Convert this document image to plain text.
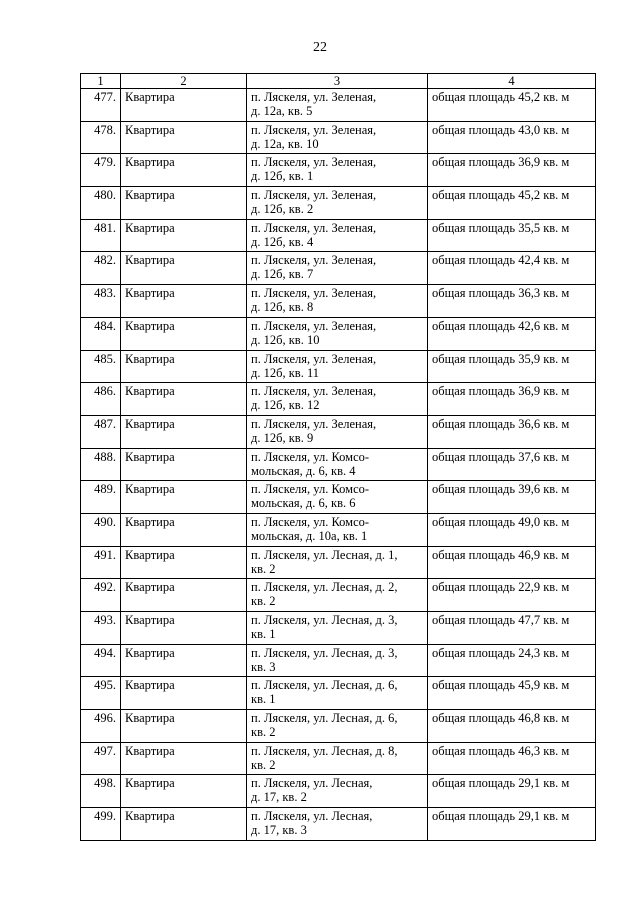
22
1	2	3	4
477.	Квартира	п. Ляскеля, ул. Зеленая,
д. 12а, кв. 5	общая площадь 45,2 кв. м
478.	Квартира	п. Ляскеля, ул. Зеленая,
д. 12а, кв. 10	общая площадь 43,0 кв. м
479.	Квартира	п. Ляскеля, ул. Зеленая,
д. 12б, кв. 1	общая площадь 36,9 кв. м
480.	Квартира	п. Ляскеля, ул. Зеленая,
д. 12б, кв. 2	общая площадь 45,2 кв. м
481.	Квартира	п. Ляскеля, ул. Зеленая,
д. 12б, кв. 4	общая площадь 35,5 кв. м
482.	Квартира	п. Ляскеля, ул. Зеленая,
д. 12б, кв. 7	общая площадь 42,4 кв. м
483.	Квартира	п. Ляскеля, ул. Зеленая,
д. 12б, кв. 8	общая площадь 36,3 кв. м
484.	Квартира	п. Ляскеля, ул. Зеленая,
д. 12б, кв. 10	общая площадь 42,6 кв. м
485.	Квартира	п. Ляскеля, ул. Зеленая,
д. 12б, кв. 11	общая площадь 35,9 кв. м
486.	Квартира	п. Ляскеля, ул. Зеленая,
д. 12б, кв. 12	общая площадь 36,9 кв. м
487.	Квартира	п. Ляскеля, ул. Зеленая,
д. 12б, кв. 9	общая площадь 36,6 кв. м
488.	Квартира	п. Ляскеля, ул. Комсо-
мольская, д. 6, кв. 4	общая площадь 37,6 кв. м
489.	Квартира	п. Ляскеля, ул. Комсо-
мольская, д. 6, кв. 6	общая площадь 39,6 кв. м
490.	Квартира	п. Ляскеля, ул. Комсо-
мольская, д. 10а, кв. 1	общая площадь 49,0 кв. м
491.	Квартира	п. Ляскеля, ул. Лесная, д. 1,
кв. 2	общая площадь 46,9 кв. м
492.	Квартира	п. Ляскеля, ул. Лесная, д. 2,
кв. 2	общая площадь 22,9 кв. м
493.	Квартира	п. Ляскеля, ул. Лесная, д. 3,
кв. 1	общая площадь 47,7 кв. м
494.	Квартира	п. Ляскеля, ул. Лесная, д. 3,
кв. 3	общая площадь 24,3 кв. м
495.	Квартира	п. Ляскеля, ул. Лесная, д. 6,
кв. 1	общая площадь 45,9 кв. м
496.	Квартира	п. Ляскеля, ул. Лесная, д. 6,
кв. 2	общая площадь 46,8 кв. м
497.	Квартира	п. Ляскеля, ул. Лесная, д. 8,
кв. 2	общая площадь 46,3 кв. м
498.	Квартира	п. Ляскеля, ул. Лесная,
д. 17, кв. 2	общая площадь 29,1 кв. м
499.	Квартира	п. Ляскеля, ул. Лесная,
д. 17, кв. 3	общая площадь 29,1 кв. м
